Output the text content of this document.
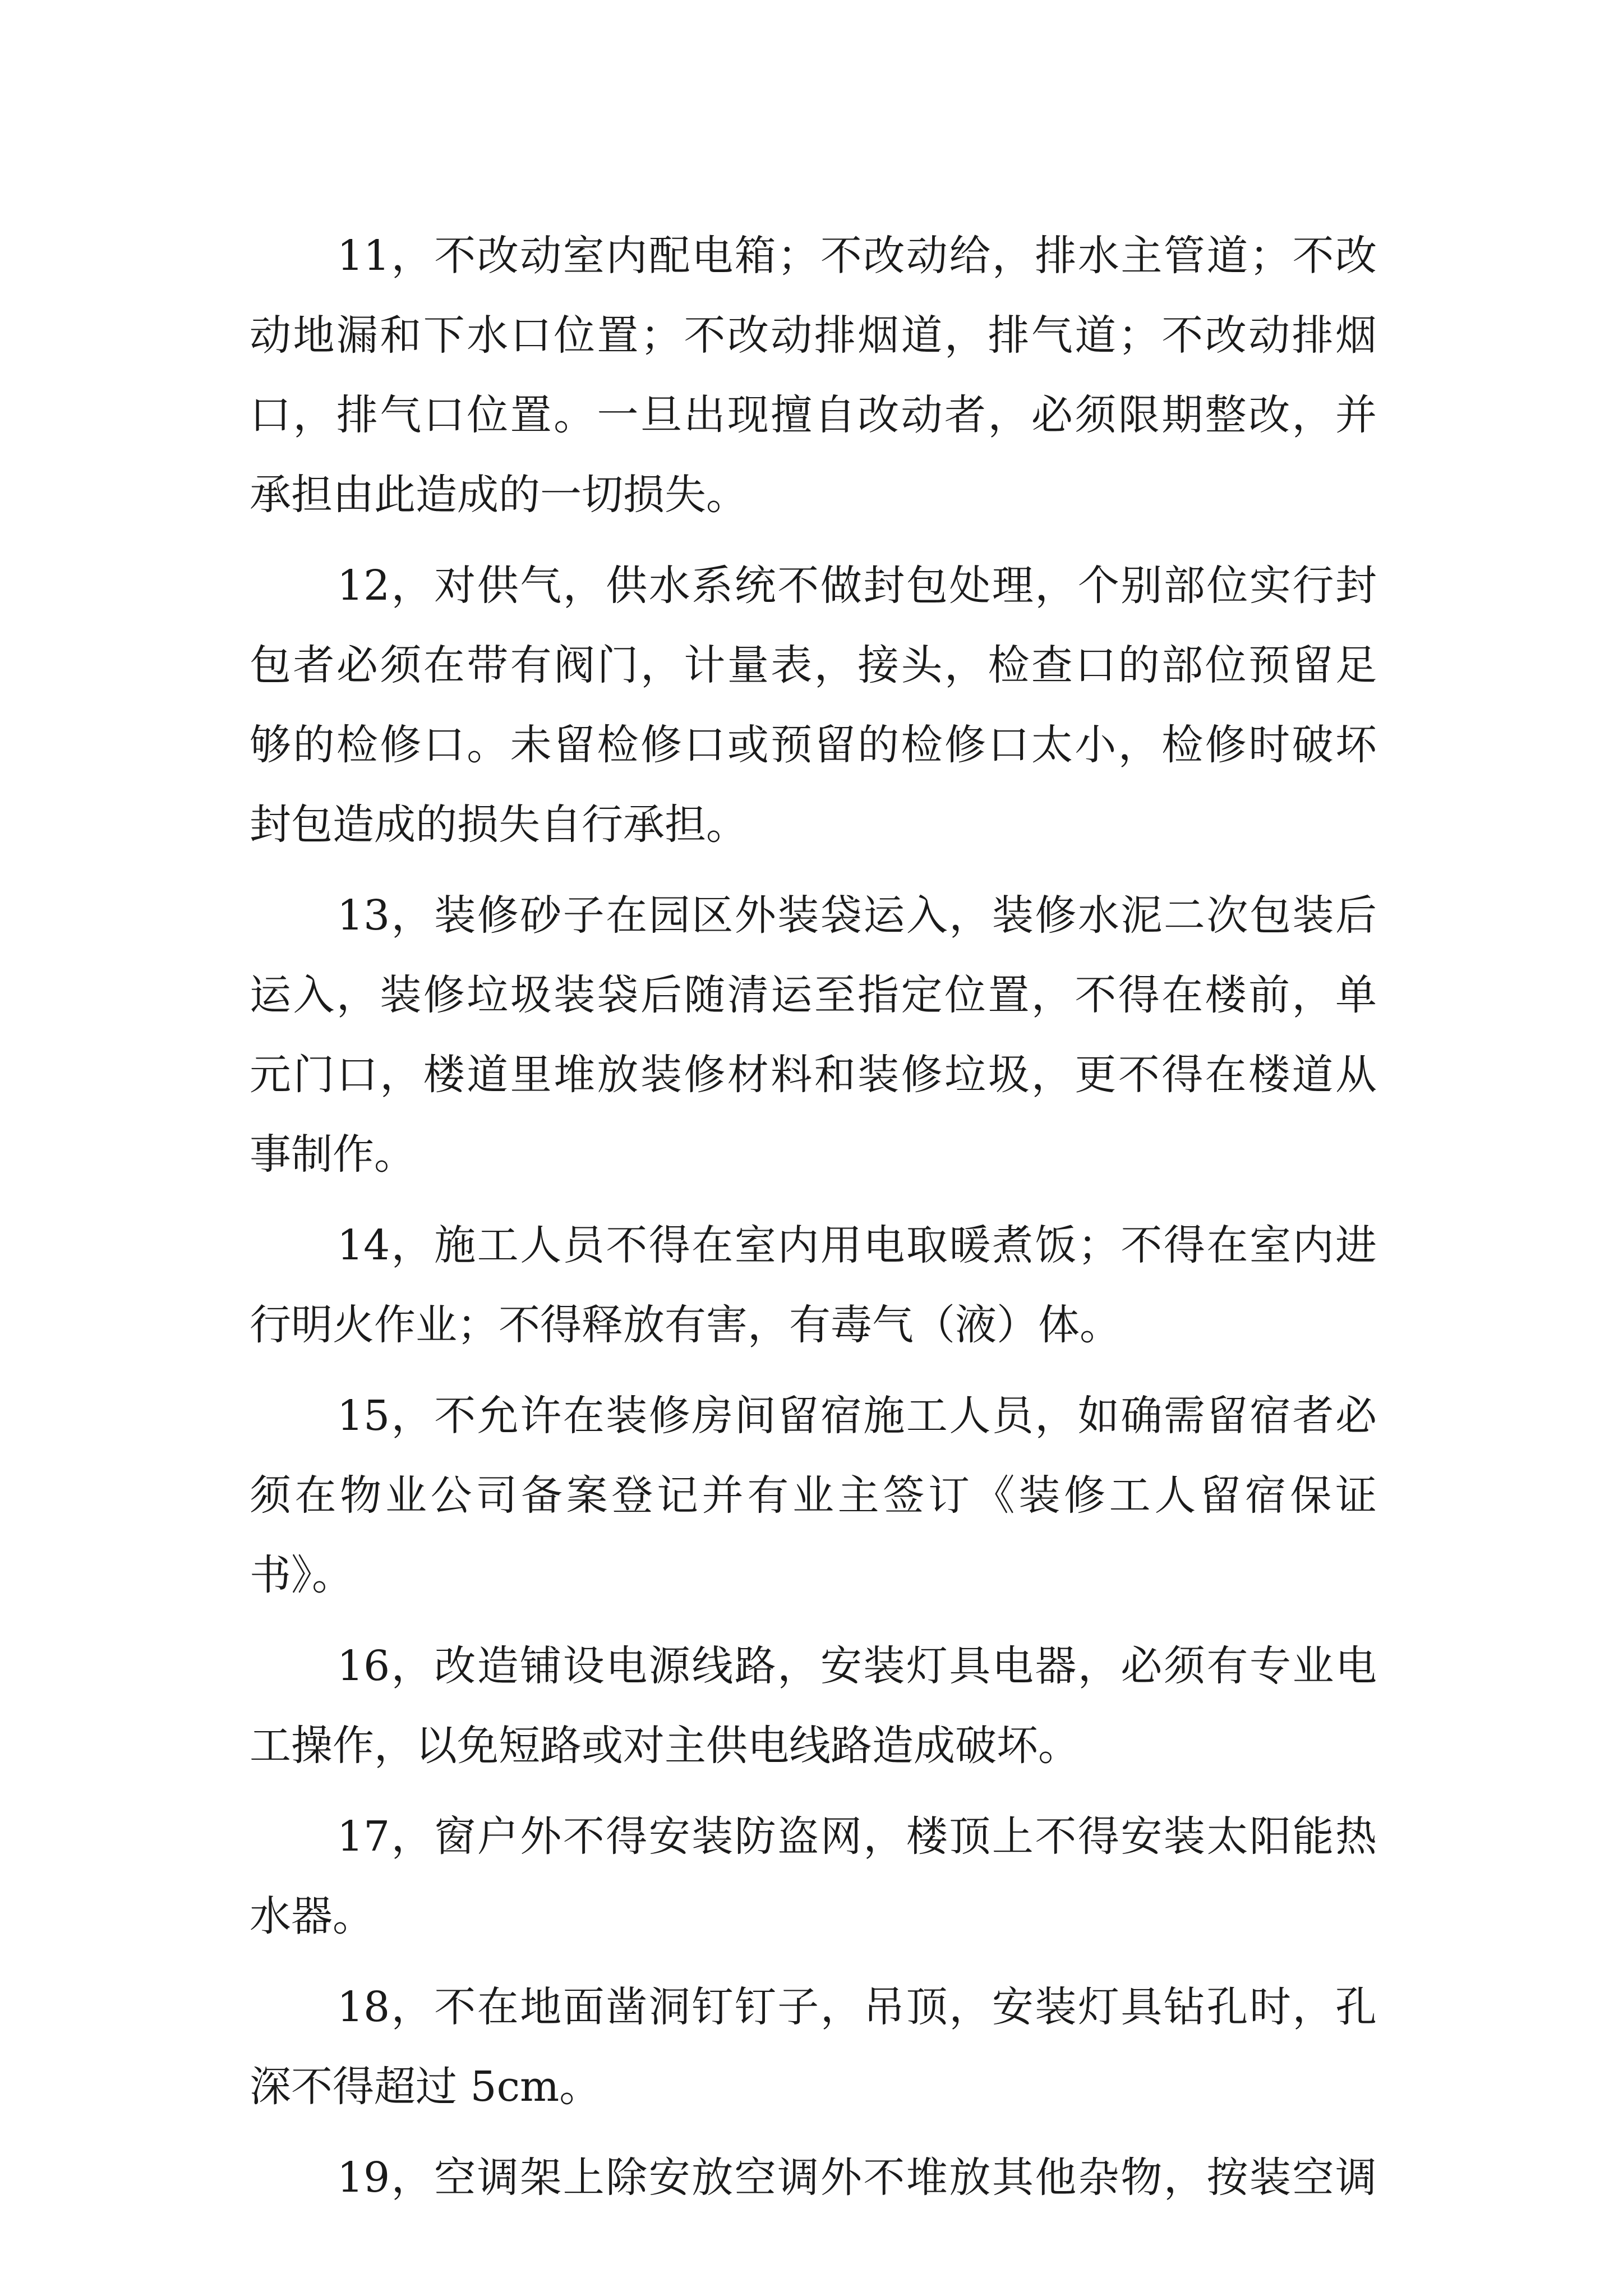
11，不改动室内配电箱；不改动给，排水主管道；不改
动地漏和下水口位置；不改动排烟道，排气道；不改动排烟
口，排气口位置。一旦出现擅自改动者，必须限期整改，并
承担由此造成的一切损失。
12，对供气，供水系统不做封包处理，个别部位实行封
包者必须在带有阀门，计量表，接头，检查口的部位预留足
够的检修口。未留检修口或预留的检修口太小，检修时破坏
封包造成的损失自行承担。
13，装修砂子在园区外装袋运入，装修水泥二次包装后
运入，装修垃圾装袋后随清运至指定位置，不得在楼前，单
元门口，楼道里堆放装修材料和装修垃圾，更不得在楼道从
事制作。
14，施工人员不得在室内用电取暖煮饭；不得在室内进
行明火作业；不得释放有害，有毒气（液）体。
15，不允许在装修房间留宿施工人员，如确需留宿者必
须在物业公司备案登记并有业主签订《装修工人留宿保证
书》。
16，改造铺设电源线路，安装灯具电器，必须有专业电
工操作，以免短路或对主供电线路造成破坏。
17，窗户外不得安装防盗网，楼顶上不得安装太阳能热
水器。
18，不在地面凿洞钉钉子，吊顶，安装灯具钻孔时，孔
深不得超过 5cm。
19，空调架上除安放空调外不堆放其他杂物，按装空调
